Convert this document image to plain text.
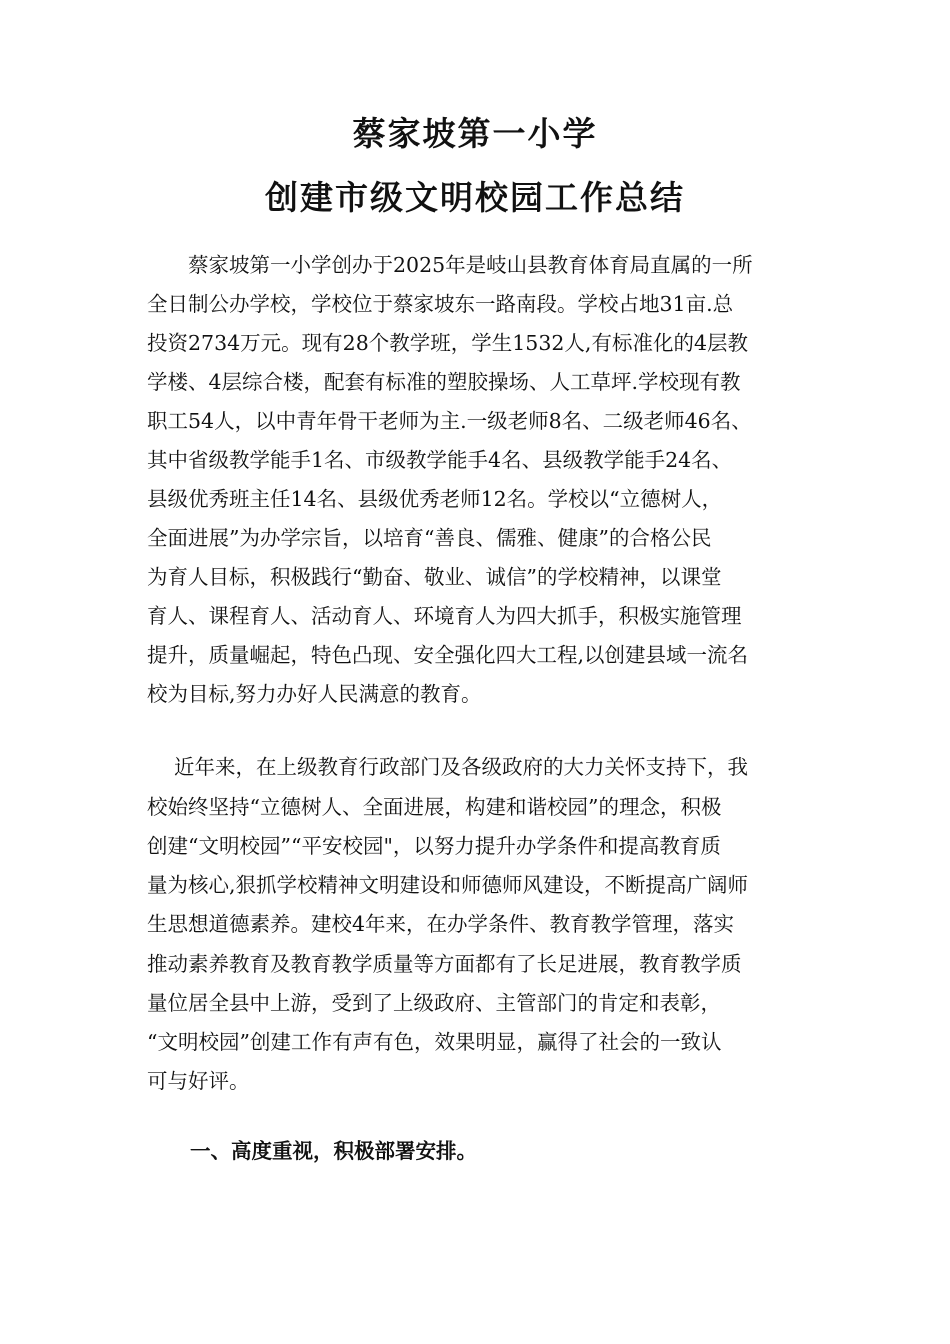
蔡家坡第一小学
创建市级文明校园工作总结

　　蔡家坡第一小学创办于2025年是岐山县教育体育局直属的一所

全日制公办学校，学校位于蔡家坡东一路南段。学校占地31亩.总

投资2734万元。现有28个教学班，学生1532人,有标准化的4层教

学楼、4层综合楼，配套有标准的塑胶操场、人工草坪.学校现有教

职工54人，以中青年骨干老师为主.一级老师8名、二级老师46名、

其中省级教学能手1名、市级教学能手4名、县级教学能手24名、

县级优秀班主任14名、县级优秀老师12名。学校以“立德树人，

全面进展”为办学宗旨，以培育“善良、儒雅、健康”的合格公民

为育人目标，积极践行“勤奋、敬业、诚信”的学校精神，以课堂

育人、课程育人、活动育人、环境育人为四大抓手，积极实施管理

提升，质量崛起，特色凸现、安全强化四大工程,以创建县域一流名

校为目标,努力办好人民满意的教育。

　 近年来，在上级教育行政部门及各级政府的大力关怀支持下，我

校始终坚持“立德树人、全面进展，构建和谐校园”的理念，积极

创建“文明校园”“平安校园"，以努力提升办学条件和提高教育质

量为核心,狠抓学校精神文明建设和师德师风建设，不断提高广阔师

生思想道德素养。建校4年来，在办学条件、教育教学管理，落实

推动素养教育及教育教学质量等方面都有了长足进展，教育教学质

量位居全县中上游，受到了上级政府、主管部门的肯定和表彰，

“文明校园”创建工作有声有色，效果明显，赢得了社会的一致认

可与好评。

一、高度重视，积极部署安排。
